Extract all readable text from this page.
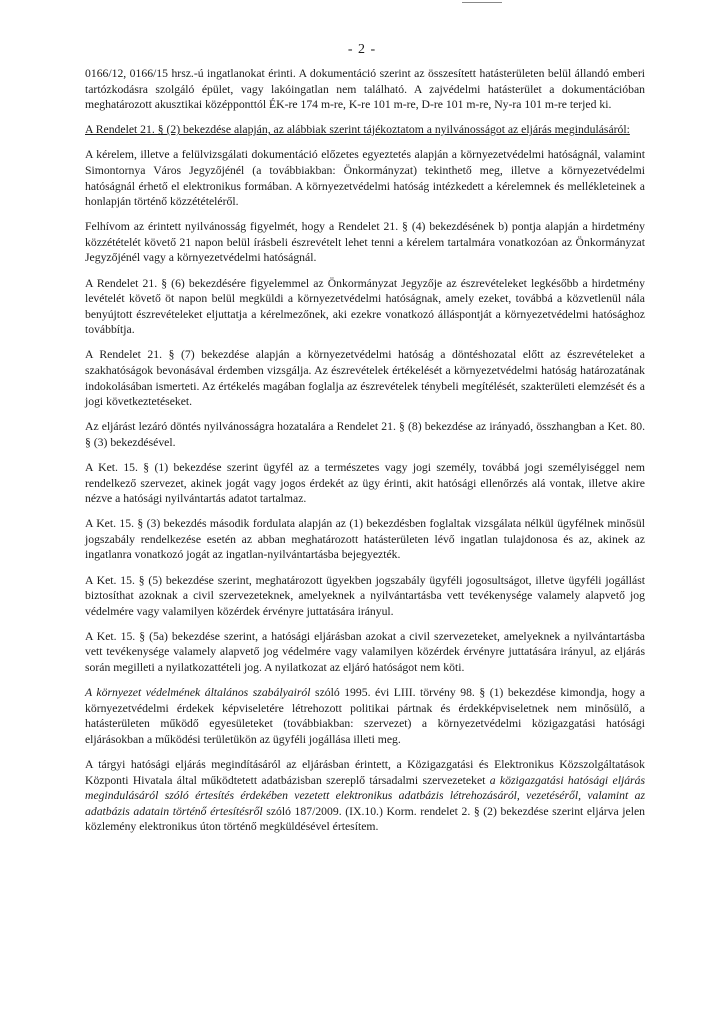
- 2 -

0166/12, 0166/15 hrsz.-ú ingatlanokat érinti. A dokumentáció szerint az összesített hatásterületen belül állandó emberi tartózkodásra szolgáló épület, vagy lakóingatlan nem található. A zajvédelmi hatásterület a dokumentációban meghatározott akusztikai középponttól ÉK-re 174 m-re, K-re 101 m-re, D-re 101 m-re, Ny-ra 101 m-re terjed ki.

A Rendelet 21. § (2) bekezdése alapján, az alábbiak szerint tájékoztatom a nyilvánosságot az eljárás megindulásáról:

A kérelem, illetve a felülvizsgálati dokumentáció előzetes egyeztetés alapján a környezetvédelmi hatóságnál, valamint Simontornya Város Jegyzőjénél (a továbbiakban: Önkormányzat) tekinthető meg, illetve a környezetvédelmi hatóságnál érhető el elektronikus formában. A környezetvédelmi hatóság intézkedett a kérelemnek és mellékleteinek a honlapján történő közzétételéről.

Felhívom az érintett nyilvánosság figyelmét, hogy a Rendelet 21. § (4) bekezdésének b) pontja alapján a hirdetmény közzétételét követő 21 napon belül írásbeli észrevételt lehet tenni a kérelem tartalmára vonatkozóan az Önkormányzat Jegyzőjénél vagy a környezetvédelmi hatóságnál.

A Rendelet 21. § (6) bekezdésére figyelemmel az Önkormányzat Jegyzője az észrevételeket legkésőbb a hirdetmény levételét követő öt napon belül megküldi a környezetvédelmi hatóságnak, amely ezeket, továbbá a közvetlenül nála benyújtott észrevételeket eljuttatja a kérelmezőnek, aki ezekre vonatkozó álláspontját a környezetvédelmi hatósághoz továbbítja.

A Rendelet 21. § (7) bekezdése alapján a környezetvédelmi hatóság a döntéshozatal előtt az észrevételeket a szakhatóságok bevonásával érdemben vizsgálja. Az észrevételek értékelését a környezetvédelmi hatóság határozatának indokolásában ismerteti. Az értékelés magában foglalja az észrevételek ténybeli megítélését, szakterületi elemzését és a jogi következtetéseket.

Az eljárást lezáró döntés nyilvánosságra hozatalára a Rendelet 21. § (8) bekezdése az irányadó, összhangban a Ket. 80. § (3) bekezdésével.

A Ket. 15. § (1) bekezdése szerint ügyfél az a természetes vagy jogi személy, továbbá jogi személyiséggel nem rendelkező szervezet, akinek jogát vagy jogos érdekét az ügy érinti, akit hatósági ellenőrzés alá vontak, illetve akire nézve a hatósági nyilvántartás adatot tartalmaz.

A Ket. 15. § (3) bekezdés második fordulata alapján az (1) bekezdésben foglaltak vizsgálata nélkül ügyfélnek minősül jogszabály rendelkezése esetén az abban meghatározott hatásterületen lévő ingatlan tulajdonosa és az, akinek az ingatlanra vonatkozó jogát az ingatlan-nyilvántartásba bejegyezték.

A Ket. 15. § (5) bekezdése szerint, meghatározott ügyekben jogszabály ügyféli jogosultságot, illetve ügyféli jogállást biztosíthat azoknak a civil szervezeteknek, amelyeknek a nyilvántartásba vett tevékenysége valamely alapvető jog védelmére vagy valamilyen közérdek érvényre juttatására irányul.

A Ket. 15. § (5a) bekezdése szerint, a hatósági eljárásban azokat a civil szervezeteket, amelyeknek a nyilvántartásba vett tevékenysége valamely alapvető jog védelmére vagy valamilyen közérdek érvényre juttatására irányul, az eljárás során megilleti a nyilatkozattételi jog. A nyilatkozat az eljáró hatóságot nem köti.

A környezet védelmének általános szabályairól szóló 1995. évi LIII. törvény 98. § (1) bekezdése kimondja, hogy a környezetvédelmi érdekek képviseletére létrehozott politikai pártnak és érdekképviseletnek nem minősülő, a hatásterületen működő egyesületeket (továbbiakban: szervezet) a környezetvédelmi közigazgatási hatósági eljárásokban a működési területükön az ügyféli jogállása illeti meg.

A tárgyi hatósági eljárás megindításáról az eljárásban érintett, a Közigazgatási és Elektronikus Közszolgáltatások Központi Hivatala által működtetett adatbázisban szereplő társadalmi szervezeteket a közigazgatási hatósági eljárás megindulásáról szóló értesítés érdekében vezetett elektronikus adatbázis létrehozásáról, vezetéséről, valamint az adatbázis adatain történő értesítésről szóló 187/2009. (IX.10.) Korm. rendelet 2. § (2) bekezdése szerint eljárva jelen közlemény elektronikus úton történő megküldésével értesítem.
